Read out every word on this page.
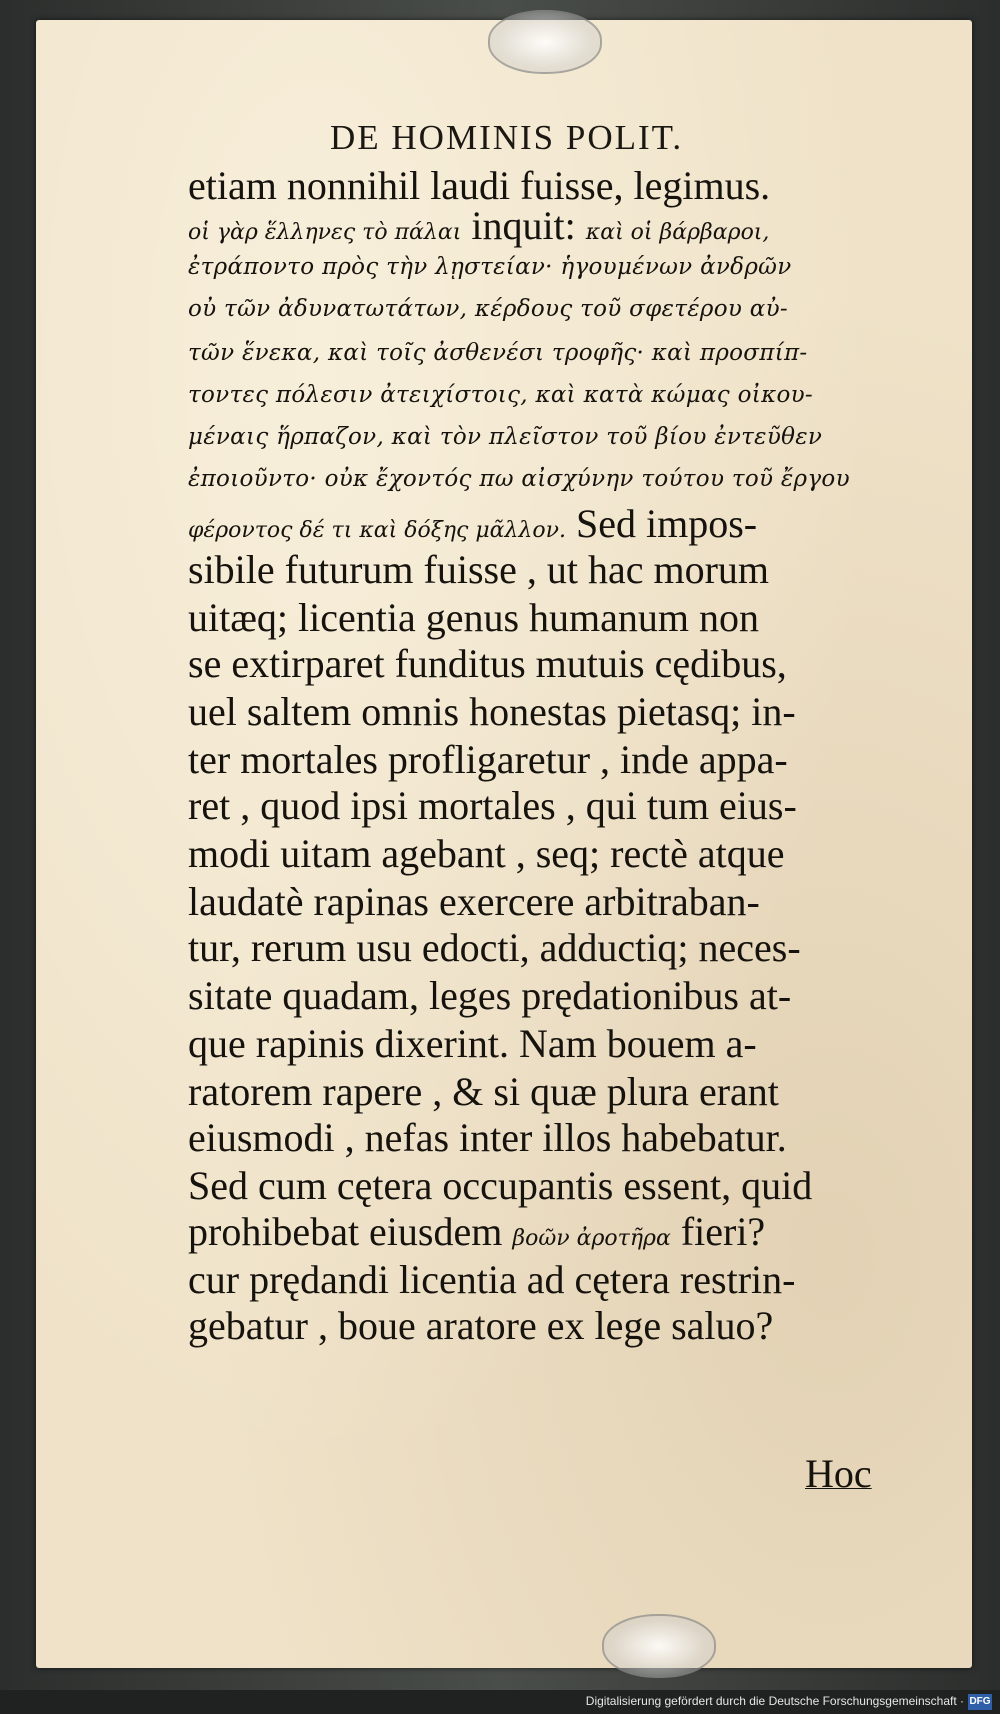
DE HOMINIS POLIT.
etiam nonnihil laudi fuisse, legimus.
οἱ γὰρ ἕλληνες τὸ πάλαι inquit: καὶ οἱ βάρβαροι,
ἐτράποντο πρὸς τὴν λῃστείαν· ἡγουμένων ἀνδρῶν
οὐ τῶν ἀδυνατωτάτων, κέρδους τοῦ σφετέρου αὐ-
τῶν ἕνεκα, καὶ τοῖς ἀσθενέσι τροφῆς· καὶ προσπίπ-
τοντες πόλεσιν ἀτειχίστοις, καὶ κατὰ κώμας οἰκου-
μέναις ἥρπαζον, καὶ τὸν πλεῖστον τοῦ βίου ἐντεῦθεν
ἐποιοῦντο· οὐκ ἔχοντός πω αἰσχύνην τούτου τοῦ ἔργου
φέροντος δέ τι καὶ δόξης μᾶλλον. Sed impos-
sibile futurum fuisse , ut hac morum
uitæq; licentia genus humanum non
se extirparet funditus mutuis cędibus,
uel saltem omnis honestas pietasq; in-
ter mortales profligaretur , inde appa-
ret , quod ipsi mortales , qui tum eius-
modi uitam agebant , seq; rectè atque
laudatè rapinas exercere arbitraban-
tur, rerum usu edocti, adductiq; neces-
sitate quadam, leges prędationibus at-
que rapinis dixerint. Nam bouem a-
ratorem rapere , & si quæ plura erant
eiusmodi , nefas inter illos habebatur.
Sed cum cętera occupantis essent, quid
prohibebat eiusdem βοῶν ἀροτῆρα fieri?
cur prędandi licentia ad cętera restrin-
gebatur , boue aratore ex lege saluo?
Hoc
Digitalisierung gefördert durch die Deutsche Forschungsgemeinschaft · DFG
